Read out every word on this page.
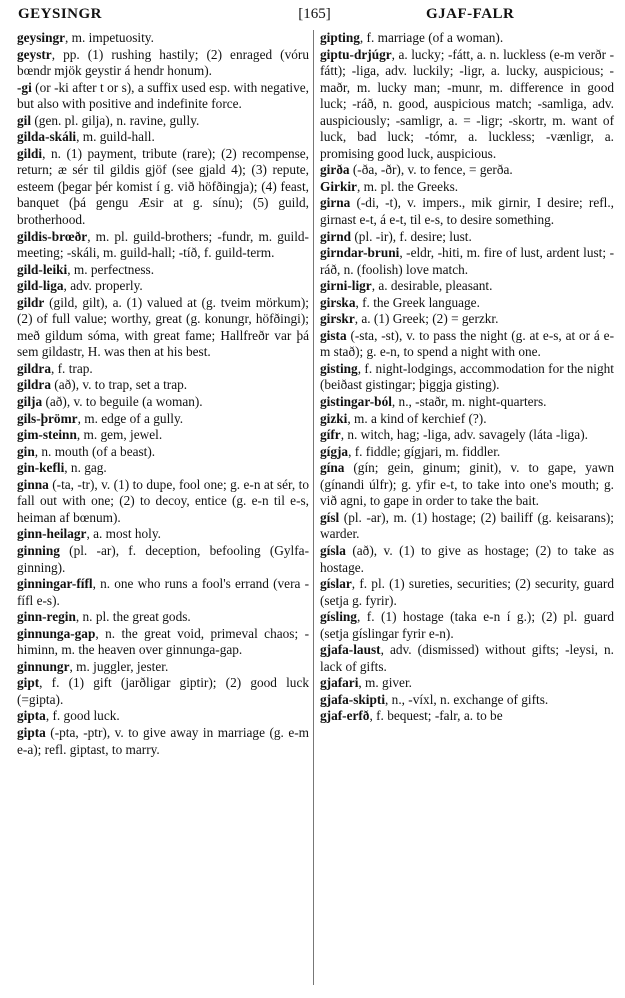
GEYSINGR	[165]	GJAF-FALR

geysingr, m. impetuosity.

geystr, pp. (1) rushing hastily; (2) enraged (vóru bœndr mjök geystir á hendr honum).

-gi (or -ki after t or s), a suffix used esp. with negative, but also with positive and indefinite force.

gil (gen. pl. gilja), n. ravine, gully.

gilda-skáli, m. guild-hall.

gildi, n. (1) payment, tribute (rare); (2) recompense, return; æ sér til gildis gjöf (see gjald 4); (3) repute, esteem (þegar þér komist í g. við höfðingja); (4) feast, banquet (þá gengu Æsir at g. sínu); (5) guild, brotherhood.

gildis-brœðr, m. pl. guild-brothers; -fundr, m. guild-meeting; -skáli, m. guild-hall; -tíð, f. guild-term.

gild-leiki, m. perfectness.

gild-liga, adv. properly.

gildr (gild, gilt), a. (1) valued at (g. tveim mörkum); (2) of full value; worthy, great (g. konungr, höfðingi); með gildum sóma, with great fame; Hallfreðr var þá sem gildastr, H. was then at his best.

gildra, f. trap.

gildra (að), v. to trap, set a trap.

gilja (að), v. to beguile (a woman).

gils-þrömr, m. edge of a gully.

gim-steinn, m. gem, jewel.

gin, n. mouth (of a beast).

gin-kefli, n. gag.

ginna (-ta, -tr), v. (1) to dupe, fool one; g. e-n at sér, to fall out with one; (2) to decoy, entice (g. e-n til e-s, heiman af bœnum).

ginn-heilagr, a. most holy.

ginning (pl. -ar), f. deception, befooling (Gylfa-ginning).

ginningar-fífl, n. one who runs a fool's errand (vera -fífl e-s).

ginn-regin, n. pl. the great gods.

ginnunga-gap, n. the great void, primeval chaos; -himinn, m. the heaven over ginnunga-gap.

ginnungr, m. juggler, jester.

gipt, f. (1) gift (jarðligar giptir); (2) good luck (=gipta).

gipta, f. good luck.

gipta (-pta, -ptr), v. to give away in marriage (g. e-m e-a); refl. giptast, to marry.

gipting, f. marriage (of a woman).

giptu-drjúgr, a. lucky; -fátt, a. n. luckless (e-m verðr -fátt); -liga, adv. luckily; -ligr, a. lucky, auspicious; -maðr, m. lucky man; -munr, m. difference in good luck; -ráð, n. good, auspicious match; -samliga, adv. auspiciously; -samligr, a. = -ligr; -skortr, m. want of luck, bad luck; -tómr, a. luckless; -vænligr, a. promising good luck, auspicious.

girða (-ða, -ðr), v. to fence, = gerða.

Girkir, m. pl. the Greeks.

girna (-di, -t), v. impers., mik girnir, I desire; refl., girnast e-t, á e-t, til e-s, to desire something.

girnd (pl. -ir), f. desire; lust.

girndar-bruni, -eldr, -hiti, m. fire of lust, ardent lust; -ráð, n. (foolish) love match.

girni-ligr, a. desirable, pleasant.

girska, f. the Greek language.

girskr, a. (1) Greek; (2) = gerzkr.

gista (-sta, -st), v. to pass the night (g. at e-s, at or á e-m stað); g. e-n, to spend a night with one.

gisting, f. night-lodgings, accommodation for the night (beiðast gistingar; þiggja gisting).

gistingar-ból, n., -staðr, m. night-quarters.

gizki, m. a kind of kerchief (?).

gífr, n. witch, hag; -liga, adv. savagely (láta -liga).

gígja, f. fiddle; gígjari, m. fiddler.

gína (gín; gein, ginum; ginit), v. to gape, yawn (gínandi úlfr); g. yfir e-t, to take into one's mouth; g. við agni, to gape in order to take the bait.

gísl (pl. -ar), m. (1) hostage; (2) bailiff (g. keisarans); warder.

gísla (að), v. (1) to give as hostage; (2) to take as hostage.

gíslar, f. pl. (1) sureties, securities; (2) security, guard (setja g. fyrir).

gísling, f. (1) hostage (taka e-n í g.); (2) pl. guard (setja gíslingar fyrir e-n).

gjafa-laust, adv. (dismissed) without gifts; -leysi, n. lack of gifts.

gjafari, m. giver.

gjafa-skipti, n., -víxl, n. exchange of gifts.

gjaf-erfð, f. bequest; -falr, a. to be
